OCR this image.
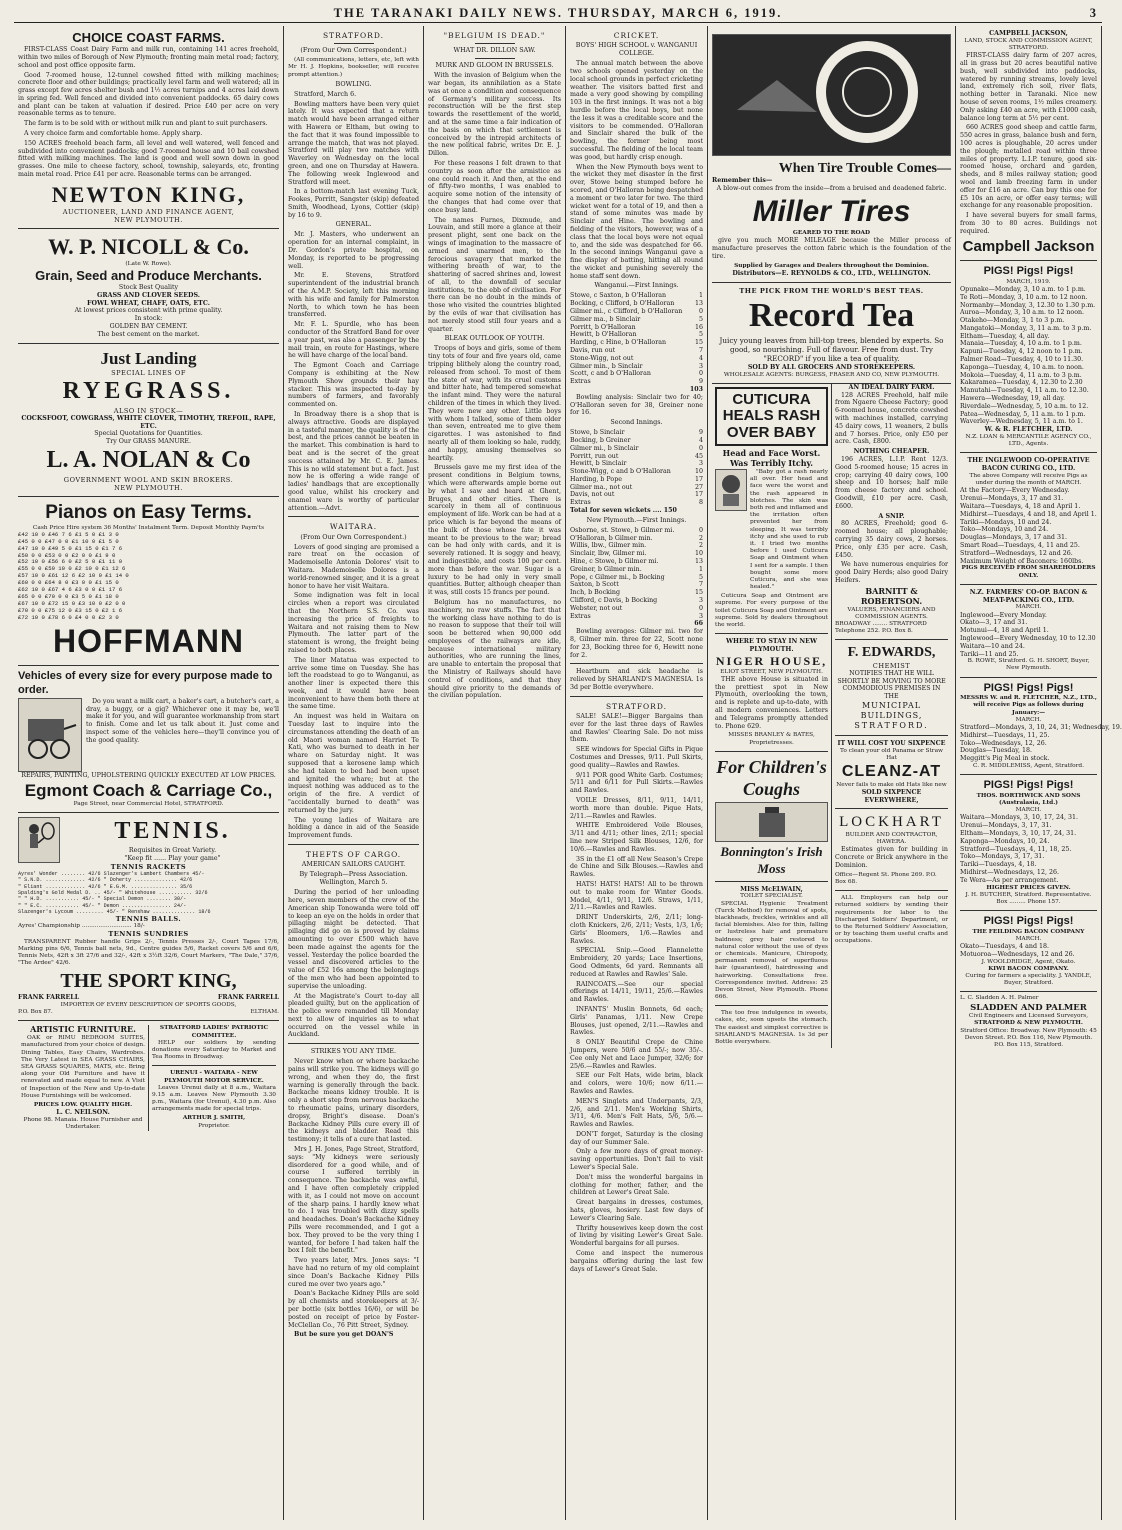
THE TARANAKI DAILY NEWS. THURSDAY, MARCH 6, 1919.	3
CHOICE COAST FARMS.

FIRST-CLASS Coast Dairy Farm and milk run, containing 141 acres freehold, within two miles of Borough of New Plymouth; fronting main metal road; factory, school and post office opposite farm.

Good 7-roomed house, 12-tunnel cowshed fitted with milking machines; concrete floor and other buildings; practically level farm and well watered; all in grass except few acres shelter bush and 1½ acres turnips and 4 acres laid down in spring fed. Well fenced and divided into convenient paddocks. 65 dairy cows and plant can be taken at valuation if desired. Price £40 per acre on very reasonable terms as to tenure.

The farm is to be sold with or without milk run and plant to suit purchasers.

A very choice farm and comfortable home. Apply sharp.

150 ACRES freehold beach farm, all level and well watered, well fenced and subdivided into convenient paddocks; good 7-roomed house and 10 bail cowshed fitted with milking machines. The land is good and well sown down in good grasses. One mile to cheese factory, school, township, saleyards, etc, fronting main metal road. Price £41 per acre. Reasonable terms can be arranged.

NEWTON KING,
AUCTIONEER, LAND AND FINANCE AGENT,
NEW PLYMOUTH.
W. P. NICOLL & Co.
(Late W. Rowe).
Grain, Seed and Produce Merchants.
Stock Best Quality
GRASS AND CLOVER SEEDS.
FOWL WHEAT, CHAFF, OATS, ETC.
At lowest prices consistent with prime quality.
In stock:
GOLDEN BAY CEMENT.
The best cement on the market.
Just Landing
SPECIAL LINES OF
RYEGRASS.
ALSO IN STOCK—
COCKSFOOT, COWGRASS, WHITE CLOVER, TIMOTHY, TREFOIL, RAPE, ETC.
Special Quotations for Quantities.
Try Our GRASS MANURE.
L. A. NOLAN & Co
GOVERNMENT WOOL AND SKIN BROKERS.
NEW PLYMOUTH.
Pianos on Easy Terms.
Cash Price Hire system 36 Months' Instalment Term. Deposit Monthly Paym'ts
£42 10 0 £46 7 6 £1 5 0 £1 3 0
£45 0 0 £47 0 0 £1 10 0 £1 5 0
£47 10 0 £49 5 0 £1 15 0 £1 7 6
£50 0 0 £53 0 0 £2 0 0 £1 9 0
£52 10 0 £56 6 0 £2 5 0 £1 11 0
£55 0 0 £59 10 0 £2 10 0 £1 12 6
£57 10 0 £61 12 6 £2 10 0 £1 14 0
£60 0 0 £64 8 0 £3 0 0 £1 15 0
£62 10 0 £67 4 6 £3 0 0 £1 17 6
£65 0 0 £70 0 0 £3 5 0 £1 18 0
£67 10 0 £72 15 0 £3 10 0 £2 0 0
£70 0 0 £75 12 0 £3 15 0 £2 1 6
£72 10 0 £78 6 0 £4 0 0 £2 3 0
HOFFMANN
Vehicles of every size for every purpose made to order.

Do you want a milk cart, a baker's cart, a butcher's cart, a dray, a buggy, or a gig? Whichever one it may be, we'll make it for you, and will guarantee workmanship from start to finish. Come and let us talk about it. Just come and inspect some of the vehicles here—they'll convince you of the good quality.

REPAIRS, PAINTING, UPHOLSTERING QUICKLY EXECUTED AT LOW PRICES.
Egmont Coach & Carriage Co.,
Page Street, near Commercial Hotel, STRATFORD.
TENNIS.
Requisites in Great Variety.
"Keep fit ...... Play your game"
TENNIS RACKETS
Ayres' Wonder ........ 42/6 Slazenger's Lambert Chambers 45/-
" S.N.D. ............. 42/6 " Doherty .............. 42/6
" Eliant ............. 42/6 " E.G.M. ............... 35/6
Spalding's Gold Medal D. .. 45/- " Whitehouse ........... 32/6
" " H.D. ........... 45/- " Special Demon ........ 30/-
" " E.C. ........... 45/- " Demon ................ 24/-
Slazenger's Lycoum ......... 45/- " Renshaw .............. 18/6
TENNIS BALLS.
Ayres' Championship ........................... 18/-
TENNIS SUNDRIES

TRANSPARENT Rubber handle Grips 2/-, Tennis Presses 2/-, Court Tapes 17/6, Marking pins 6/6, Tennis ball nets, 9d., Centre guides 5/6, Racket covers 5/6 and 6/6, Tennis Nets, 42ft x 3ft 27/6 and 32/-, 42ft x 3½ft 32/6, Court Markers, "The Dale," 37/6, "The Ardee" 42/6.

THE SPORT KING,
FRANK FARRELL	FRANK FARRELL
IMPORTER OF EVERY DESCRIPTION OF SPORTS GOODS,
P.O. Box 87.	ELTHAM.
ARTISTIC FURNITURE.

OAK or RIMU BEDROOM SUITES, manufactured from your choice of design. Dining Tables, Easy Chairs, Wardrobes. The Very Latest in SEA GRASS CHAIRS, SEA GRASS SQUARES, MATS, etc. Bring along your Old Furniture and have it renovated and made equal to new. A Visit of Inspection of the New and Up-to-date House Furnishings will be welcomed.

PRICES LOW. QUALITY HIGH.
L. C. NEILSON.
Phone 98. Manaia. House Furnisher and Undertaker.
STRATFORD LADIES' PATRIOTIC COMMITTEE.

HELP our soldiers by sending donations every Saturday to Market and Tea Rooms in Broadway.

URENUI - WAITARA - NEW PLYMOUTH MOTOR SERVICE.

Leaves Urenui daily at 8 a.m., Waitara 9.15 a.m. Leaves New Plymouth 3.30 p.m., Waitara (for Urenui), 4.30 p.m. Also arrangements made for special trips.

ARTHUR J. SMITH,
Proprietor.
STRATFORD.
(From Our Own Correspondent.)

(All communications, letters, etc, left with Mr H. J. Hopkins, bookseller, will receive prompt attention.)

BOWLING.

Stratford, March 6.

Bowling matters have been very quiet lately. It was expected that a return match would have been arranged either with Hawera or Eltham, but owing to the fact that it was found impossible to arrange the match, that was not played. Stratford will play two matches with Waverley on Wednesday on the local green, and one on Thursday at Hawera. The following week Inglewood and Stratford will meet.

In a bottom-match last evening Tuck, Fookes, Porritt, Sangster (skip) defeated Smith, Woodhead, Lyons, Cottier (skip) by 16 to 9.

GENERAL.

Mr. J. Masters, who underwent an operation for an internal complaint, in Dr. Gordon's private hospital, on Monday, is reported to be progressing well.

Mr. E. Stevens, Stratford superintendent of the industrial branch of the A.M.P. Society, left this morning with his wife and family for Palmerston North, to which town he has been transferred.

Mr. F. L. Spurdle, who has been conductor of the Stratford Band for over a year past, was also a passenger by the mail train, en route for Hastings, where he will have charge of the local band.

The Egmont Coach and Carriage Company is exhibiting at the New Plymouth Show grounds their hay stacker. This was inspected to-day by numbers of farmers, and favorably commented on.

In Broadway there is a shop that is always attractive. Goods are displayed in a tasteful manner, the quality is of the best, and the prices cannot be beaten in the market. This combination is hard to beat and is the secret of the great success attained by Mr. C. E. James. This is no wild statement but a fact. Just now he is offering a wide range of ladies' handbags that are exceptionally good value, whilst his crockery and enamel ware is worthy of particular attention.—Advt.

WAITARA.
(From Our Own Correspondent.)

Lovers of good singing are promised a rare treat on the occasion of Mademoiselle Antonia Dolores' visit to Waitara. Mademoiselle Dolores is a world-renowned singer, and it is a great honor to have her visit Waitara.

Some indignation was felt in local circles when a report was circulated that the Northern S.S. Co. was increasing the price of freights to Waitara and not raising them to New Plymouth. The latter part of the statement is wrong, the freight being raised to both places.

The liner Matatua was expected to arrive some time on Tuesday. She has left the roadstead to go to Wanganui, as another liner is expected there this week, and it would have been inconvenient to have them both there at the same time.

An inquest was held in Waitara on Tuesday last to inquire into the circumstances attending the death of an old Maori woman named Harriet Te Kati, who was burned to death in her whare on Saturday night. It was supposed that a kerosene lamp which she had taken to bed had been upset and ignited the whare; but at the inquest nothing was adduced as to the origin of the fire. A verdict of "accidentally burned to death" was returned by the jury.

The young ladies of Waitara are holding a dance in aid of the Seaside Improvement funds.

THEFTS OF CARGO.
AMERICAN SAILORS CAUGHT.
By Telegraph—Press Association. Wellington, March 5.

During the period of her unloading here, seven members of the crew of the American ship Tonowanda were told off to keep an eye on the holds in order that pillaging might be detected. That pillaging did go on is proved by claims amounting to over £500 which have been made against the agents for the vessel. Yesterday the police boarded the vessel and discovered articles to the value of £52 16s among the belongings of the men who had been appointed to supervise the unloading.

At the Magistrate's Court to-day all pleaded guilty, but on the application of the police were remanded till Monday next to allow of inquiries as to what occurred on the vessel while in Auckland.

STRIKES YOU ANY TIME.

Never know when or where backache pains will strike you. The kidneys will go wrong, and when they do, the first warning is generally through the back. Backache means kidney trouble. It is only a short step from nervous backache to rheumatic pains, urinary disorders, dropsy, Bright's disease. Doan's Backache Kidney Pills cure every ill of the kidneys and bladder. Read this testimony; it tells of a cure that lasted.

Mrs J. H. Jones, Page Street, Stratford, says: "My kidneys were seriously disordered for a good while, and of course I suffered terribly in consequence. The backache was awful, and I have often completely crippled with it, as I could not move on account of the sharp pains. I hardly knew what to do. I was troubled with dizzy spells and headaches. Doan's Backache Kidney Pills were recommended, and I got a box. They proved to be the very thing I wanted, for before I had taken half the box I felt the benefit."

Two years later, Mrs. Jones says: "I have had no return of my old complaint since Doan's Backache Kidney Pills cured me over two years ago."

Doan's Backache Kidney Pills are sold by all chemists and storekeepers at 3/- per bottle (six bottles 16/6), or will be posted on receipt of price by Foster-McClellan Co., 76 Pitt Street, Sydney.

But be sure you get DOAN'S

"BELGIUM IS DEAD."
WHAT DR. DILLON SAW.
MURK AND GLOOM IN BRUSSELS.

With the invasion of Belgium when the war began, its annihilation as a State was at once a condition and consequence of Germany's military success. Its reconstruction will be the first step towards the resettlement of the world, and at the same time a fair indication of the basis on which that settlement is conceived by the intrepid architects of the new political fabric, writes Dr. E. J. Dillon.

For these reasons I felt drawn to that country as soon after the armistice as one could reach it. And then, at the end of fifty-two months, I was enabled to acquire some notion of the intensity of the changes that had come over that once busy land.

The names Furnes, Dixmude, and Louvain, and still more a glance at their present plight, sent one back on the wings of imagination to the massacre of armed and unarmed men, to the ferocious savagery that marked the withering breath of war, to the shattering of sacred shrines and, lowest of all, to the downfall of secular institutions, to the ebb of civilisation. For there can be no doubt in the minds of those who visited the countries blighted by the evils of war that civilisation has not merely stood still four years and a quarter.

BLEAK OUTLOOK OF YOUTH.

Troops of boys and girls, some of them tiny tots of four and five years old, came tripping blithely along the country road, released from school. To most of them the state of war, with its cruel customs and bitter hate, had tempered somewhat the infant mind. They were the natural children of the times in which they lived. They were new any other. Little boys with whom I talked, some of them older than seven, entreated me to give them cigarettes. I was astonished to find nearly all of them looking so hale, ruddy, and happy, amusing themselves so heartily.

Brussels gave me my first idea of the present conditions in Belgium towns, which were afterwards ample borne out by what I saw and heard at Ghent, Bruges, and other cities. There is scarcely in them all of continuous employment of life. Work can be had at a price which is far beyond the means of the bulk of those whose fate it was meant to be previous to the war; bread can be had only with cards, and it is severely rationed. It is soggy and heavy, and indigestible, and costs 100 per cent. more than before the war. Sugar is a luxury to be had only in very small quantities. Butter, although cheaper than it was, still costs 15 francs per pound.

Belgium has no manufactures, no machinery, no raw stuffs. The fact that the working class have nothing to do is no reason to suppose that their toil will soon be bettered when 90,000 odd employees of the railways are idle, because international military authorities, who are running the lines, are unable to entertain the proposal that the Ministry of Railways should have control of conditions, and that they should give priority to the demands of the civilian population.

CRICKET.
BOYS' HIGH SCHOOL v. WANGANUI COLLEGE.

The annual match between the above two schools opened yesterday on the local school grounds in perfect cricketing weather. The visitors batted first and made a very good showing by compiling 103 in the first innings. It was not a big hurdle before the local boys, but none the less it was a creditable score and the visitors to be commended. O'Halloran and Sinclair shared the bulk of the bowling, the former being most successful. The fielding of the local team was good, but hardly crisp enough.

When the New Plymouth boys went to the wicket they met disaster in the first over, Stowe being stumped before he scored, and O'Halloran being despatched a moment or two later for two. The third wicket went for a total of 19, and then a stand of some minutes was made by Sinclair and Hine. The bowling and fielding of the visitors, however, was of a class that the local boys were not equal to, and the side was despatched for 66. In the second innings Wanganui gave a fine display of batting, hitting all round the wicket and punishing severely the home staff sent down.

Wanganui.—First Innings.
Stowe, c Saxton, b O'Halloran	1
Bocking, c Clifford, b O'Halloran	13
Gilmer mi., c Clifford, b O'Halloran	0
Gilmer ma., b Sinclair	5
Porritt, b O'Halloran	16
Hewitt, b O'Halloran	5
Harding, c Hine, b O'Halloran	15
Davis, run out	7
Stone-Wigg, not out	4
Gilmer min., b Sinclair	3
Scott, c and b O'Halloran	0
Extras	9
103

Bowling analysis: Sinclair two for 40; O'Halloran seven for 38, Greiner none for 16.

Second Innings.
Stowe, b Sinclair	9
Bocking, b Greiner	4
Gilmer mi., b Sinclair	0
Porritt, run out	45
Hewitt, b Sinclair	3
Stone-Wigg, c and b O'Halloran	10
Harding, b Pope	17
Gilmer ma., not out	27
Davis, not out	17
Extras	8
Total for seven wickets .... 150
New Plymouth.—First Innings.
Osborne, st. Stowe, b Gilmer mi.	0
O'Halloran, b Gilmer min.	2
Willis, lbw., Gilmer min.	2
Sinclair, lbw, Gilmer mi.	10
Hine, c Stowe, b Gilmer mi.	13
Greiner, b Gilmer min.	1
Pope, c Gilmer mi., b Bocking	5
Saxton, b Scott	7
Inch, b Bocking	15
Clifford, c Davis, b Bocking	3
Webster, not out	0
Extras	3
66

Bowling averages: Gilmer mi. two for 8, Gilmer min. three for 22, Scott none for 23, Bocking three for 6, Hewitt none for 2.

Heartburn and sick headache is relieved by SHARLAND'S MAGNESIA. 1s 3d per Bottle everywhere.

STRATFORD.

SALE! SALE!—Bigger Bargains than ever for the last three days of Rawles and Rawles' Clearing Sale. Do not miss them.

SEE windows for Special Gifts in Pique Costumes and Dresses, 9/11. Pull Skirts, good quality—Rawles and Rawles.

9/11 POR good White Garb. Costumes; 5/11 and 6/11 for Pull Skirts.—Rawles and Rawles.

VOILE Dresses, 8/11, 9/11, 14/11, worth more than double. Pique Hats, 2/11.—Rawles and Rawles.

WHITE Embroidered Voile Blouses, 3/11 and 4/11; other lines, 2/11; special line new Striped Silk Blouses, 12/6, for 10/6.—Rawles and Rawles.

3S in the £1 off all New Season's Crepe de Chine and Silk Blouses.—Rawles and Rawles.

HATS! HATS! HATS! All to be thrown out to make room for Winter Goods. Model, 4/11, 9/11, 12/6. Straws, 1/11, 2/11.—Rawles and Rawles.

DRINT Underskirts, 2/6, 2/11; long-cloth Knickers, 2/6, 2/11; Vests, 1/3, 1/6; Girls' Bloomers, 1/6.—Rawles and Rawles.

SPECIAL Snip.—Good Flannelette Embroidery, 20 yards; Lace Insertions, Good Odments, 6d yard. Remnants all reduced at Rawles and Rawles' Sale.

RAINCOATS.—See our special offerings at 14/11, 19/11, 25/6.—Rawles and Rawles.

INFANTS' Muslin Bonnets, 6d each; Girls' Panamas, 1/11. New Crepe Blouses, just opened, 2/11.—Rawles and Rawles.

8 ONLY Beautiful Crepe de Chine Jumpers, were 50/6 and 55/-; now 35/-. Cee only Net and Lace Jumper, 32/6; for 25/6.—Rawles and Rawles.

SEE our Felt Hats, wide brim, black and colors, were 10/6; now 6/11.—Rawles and Rawles.

MEN'S Singlets and Underpants, 2/3, 2/6, and 2/11. Men's Working Shirts, 3/11, 4/6. Men's Felt Hats, 5/6, 5/6.—Rawles and Rawles.

DON'T forget, Saturday is the closing day of our Summer Sale.

Only a few more days of great money-saving opportunities. Don't fail to visit Lewer's Special Sale.

Don't miss the wonderful bargains in clothing for mother, father, and the children at Lewer's Great Sale.

Great bargains in dresses, costumes, hats, gloves, hosiery. Last few days of Lewer's Clearing Sale.

Thrifty housewives keep down the cost of living by visiting Lewer's Great Sale. Wonderful bargains for all purses.

Come and inspect the numerous bargains offering during the last few days of Lewer's Great Sale.

When Tire Trouble Comes—
Remember this—
A blow-out comes from the inside—from a bruised and deadened fabric.
Miller Tires
GEARED TO THE ROAD

give you much MORE MILEAGE because the Miller process of manufacture preserves the cotton fabric which is the foundation of the tire.

Supplied by Garages and Dealers throughout the Dominion.
Distributors—E. REYNOLDS & CO., LTD., WELLINGTON.
THE PICK FROM THE WORLD'S BEST TEAS.
Record Tea
Juicy young leaves from hill-top trees, blended by experts. So good, so nourishing. Full of flavour. Free from dust. Try "RECORD" if you like a tea of quality.
SOLD BY ALL GROCERS AND STOREKEEPERS.
WHOLESALE AGENTS: BURGESS, FRASER AND CO, NEW PLYMOUTH.
CUTICURA HEALS RASH OVER BABY
Head and Face Worst. Was Terribly Itchy.

"Baby got a rash nearly all over. Her head and face were the worst and the rash appeared in blotches. The skin was both red and inflamed and the irritation often prevented her from sleeping. It was terribly itchy and she used to rub it. I tried two months before I used Cuticura Soap and Ointment when I sent for a sample. I then bought some more Cuticura, and she was healed."

Cuticura Soap and Ointment are supreme. For every purpose of the toilet Cuticura Soap and Ointment are supreme. Sold by dealers throughout the world.

WHERE TO STAY IN NEW PLYMOUTH.
NIGER HOUSE,
ELIOT STREET, NEW PLYMOUTH.

THE above House is situated in the prettiest spot in New Plymouth, overlooking the town, and is replete and up-to-date, with all modern conveniences. Letters and Telegrams promptly attended to. Phone 629.

MISSES BRANLEY & BATES, Proprietresses.
For Children's Coughs
Bonnington's Irish Moss
MISS McELWAIN,
TOILET SPECIALIST.

SPECIAL Hygienic Treatment (Turck Method) for removal of spots, blackheads, freckles, wrinkles and all facial blemishes. Also for thin, falling or lustreless hair and premature baldness; grey hair restored to natural color without the use of dyes or chemicals. Manicure, Chiropody, permanent removal of superfluous hair (guaranteed), hairdressing and hairworking. Consultations free. Correspondence invited. Address: 25 Devon Street, New Plymouth. Phone 666.

The too free indulgence in sweets, cakes, etc, soon upsets the stomach. The easiest and simplest corrective is SHARLAND'S MAGNESIA. 1s 3d per Bottle everywhere.

AN IDEAL DAIRY FARM.

128 ACRES Freehold, half mile from Ngaere Cheese Factory; good 6-roomed house, concrete cowshed with machines installed, carrying 45 dairy cows, 11 weaners, 2 bulls and 7 horses. Price, only £50 per acre. Cash, £800.

NOTHING CHEAPER.

196 ACRES, L.I.P. Rent 12/3. Good 5-roomed house; 15 acres in crop; carrying 40 dairy cows, 100 sheep and 10 horses; half mile from cheese factory and school. Goodwill, £10 per acre. Cash, £600.

A SNIP.

80 ACRES, Freehold; good 6-roomed house; all ploughable; carrying 35 dairy cows, 2 horses. Price, only £35 per acre. Cash, £450.

We have numerous enquiries for good Dairy Herds; also good Dairy Heifers.

BARNITT & ROBERTSON.
VALUERS, FINANCIERS AND COMMISSION AGENTS.
BROADWAY ........ STRATFORD Telephone 252. P.O. Box 8.
F. EDWARDS,
CHEMIST
NOTIFIES THAT HE WILL SHORTLY BE MOVING TO MORE COMMODIOUS PREMISES IN THE
MUNICIPAL BUILDINGS,
STRATFORD.
IT WILL COST YOU SIXPENCE
To clean your old Panama or Straw Hat
CLEANZ-AT
Never fails to make old Hats like new
SOLD SIXPENCE EVERYWHERE,
LOCKHART
BUILDER AND CONTRACTOR, HAWERA.

Estimates given for building in Concrete or Brick anywhere in the Dominion.

Office—Regent St. Phone 269. P.O. Box 68.

ALL Employers can help our returned soldiers by sending their requirements for labor to the Discharged Soldiers' Department, or to the Returned Soldiers' Association, or by teaching them useful crafts and occupations.

CAMPBELL JACKSON,
LAND, STOCK AND COMMISSION AGENT, STRATFORD.

FIRST-CLASS dairy farm of 207 acres, all in grass but 20 acres beautiful native bush, well subdivided into paddocks, watered by running streams, lovely level land, extremely rich soil, river flats, nothing better in Taranaki. Nice new house of seven rooms, 1½ miles creamery. Only asking £40 an acre, with £1000 cash, balance long term at 5½ per cent.

660 ACRES good sheep and cattle farm, 550 acres in grass, balance bush and fern, 100 acres is ploughable, 20 acres under the plough; metalled road within three miles of property. L.I.P. tenure, good six-roomed house, orchard and garden, sheds, and 8 miles railway station; good wool and lamb freezing farm in under offer for £16 an acre. Can buy this one for £5 10s an acre, or offer easy terms; will exchange for any reasonable proposition.

I have several buyers for small farms, from 30 to 80 acres. Buildings not required.

Campbell Jackson
PIGS! Pigs! Pigs!
MARCH, 1919.
Opunake—Monday, 3, 10 a.m. to 1 p.m.
Te Roti—Monday, 3, 10 a.m. to 12 noon.
Normanby—Monday, 3, 12.30 to 1.30 p.m.
Auroa—Monday, 3, 10 a.m. to 12 noon.
Otakeho—Monday, 3, 1 to 3 p.m.
Mangatoki—Monday, 3, 11 a.m. to 3 p.m.
Eltham—Tuesday, 4, all day.
Manaia—Tuesday, 4, 10 a.m. to 1 p.m.
Kapuni—Tuesday, 4, 12 noon to 1 p.m.
Palmer Road—Tuesday, 4, 10 to 11.30.
Kaponga—Tuesday, 4, 10 a.m. to noon.
Mokoia—Tuesday, 4, 11 a.m. to 3 p.m.
Kakaramea—Tuesday, 4, 12.30 to 2.30
Manutahi—Tuesday, 4, 11 a.m. to 12.30.
Hawera—Wednesday, 19, all day.
Riverdale—Wednesday, 5, 10 a.m. to 12.
Patea—Wednesday, 5, 11 a.m. to 1 p.m.
Waverley—Wednesday, 5, 11 a.m. to 1.
W. & R. FLETCHER, LTD.
N.Z. LOAN & MERCANTILE AGENCY CO., LTD., Agents.
THE INGLEWOOD CO-OPERATIVE BACON CURING CO., LTD.
The above Company will receive Pigs as under during the month of MARCH.
At the Factory—Every Wednesday.
Urenui—Mondays, 3, 17 and 31.
Waitara—Tuesdays, 4, 18 and April 1.
Midhirst—Tuesdays, 4 and 18, and April 1.
Tariki—Mondays, 10 and 24.
Toko—Mondays, 10 and 24.
Douglas—Mondays, 3, 17 and 31.
Smart Road—Tuesdays, 4, 11 and 25.
Stratford—Wednesdays, 12 and 26.
Maximum Weight of Baconers: 160lbs.
PIGS RECEIVED FROM SHAREHOLDERS ONLY.
N.Z. FARMERS' CO-OP. BACON & MEAT-PACKING CO., LTD.
MARCH.
Inglewood—Every Monday.
Okato—3, 17 and 31.
Motunui—4, 18 and April 1.
Inglewood—Every Wednesday, 10 to 12.30
Waitara—10 and 24.
Tariki—11 and 25.
B. ROWE, Stratford. G. H. SHORT, Buyer, New Plymouth.
PIGS! Pigs! Pigs!
MESSRS W. and R. FLETCHER, N.Z., LTD., will receive Pigs as follows during January:—
MARCH.
Stratford—Mondays, 3, 10, 24, 31; Wednesday, 19.
Midhirst—Tuesdays, 11, 25.
Toko—Wednesdays, 12, 26.
Douglas—Tuesday, 18.
Meggitt's Pig Meal in stock.
C. R. MIDDLEMISS, Agent, Stratford.
PIGS! Pigs! Pigs!
THOS. BORTHWICK AND SONS (Australasia, Ltd.)
MARCH.
Waitara—Mondays, 3, 10, 17, 24, 31.
Urenui—Mondays, 3, 17, 31.
Eltham—Mondays, 3, 10, 17, 24, 31.
Kaponga—Mondays, 10, 24.
Stratford—Tuesdays, 4, 11, 18, 25.
Toko—Mondays, 3, 17, 31.
Tariki—Tuesdays, 4, 18.
Midhirst—Wednesdays, 12, 26.
Te Wera—As per arrangement.
HIGHEST PRICES GIVEN.
J. H. BUTCHER, Stratford. Representative. Box ......... Phone 157.
PIGS! Pigs! Pigs!
THE FEILDING BACON COMPANY
MARCH.
Okato—Tuesdays, 4 and 18.
Motuoroa—Wednesdays, 12 and 26.
J. WOOLDRIDGE, Agent, Okato.
KIWI BACON COMPANY.
Curing for farmers a speciality. J. YANDLE, Buyer, Stratford.
L. C. Sladden A. H. Palmer
SLADDEN AND PALMER
Civil Engineers and Licensed Surveyors,
STRATFORD & NEW PLYMOUTH.
Stratford Office: Broadway. New Plymouth: 45 Devon Street. P.O. Box 116, New Plymouth. P.O. Box 115, Stratford.
